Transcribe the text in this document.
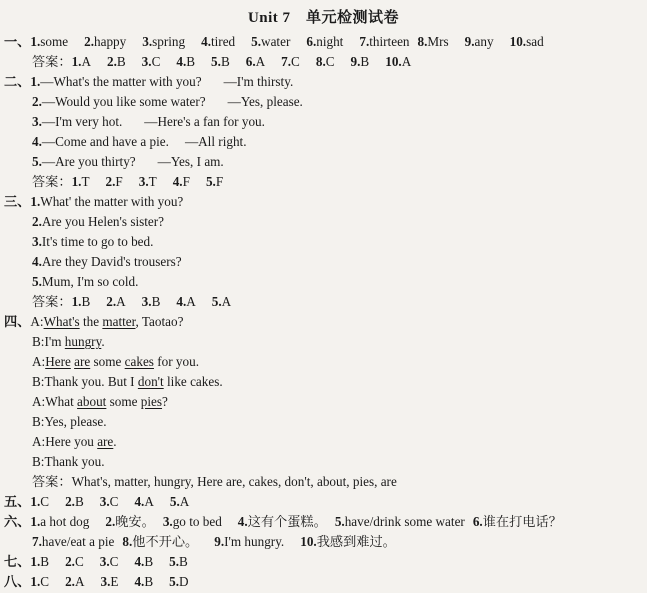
Unit 7　单元检测试卷
一、1.some 2.happy 3.spring 4.tired 5.water 6.night 7.thirteen 8.Mrs 9.any 10.sad
答案：1.A 2.B 3.C 4.B 5.B 6.A 7.C 8.C 9.B 10.A
二、1.—What's the matter with you? —I'm thirsty.
2.—Would you like some water? —Yes, please.
3.—I'm very hot. —Here's a fan for you.
4.—Come and have a pie. —All right.
5.—Are you thirty? —Yes, I am.
答案：1.T 2.F 3.T 4.F 5.F
三、1.What' the matter with you?
2.Are you Helen's sister?
3.It's time to go to bed.
4.Are they David's trousers?
5.Mum, I'm so cold.
答案：1.B 2.A 3.B 4.A 5.A
四、A:What's the matter, Taotao?
B:I'm hungry.
A:Here are some cakes for you.
B:Thank you. But I don't like cakes.
A:What about some pies?
B:Yes, please.
A:Here you are.
B:Thank you.
答案：What's, matter, hungry, Here are, cakes, don't, about, pies, are
五、1.C 2.B 3.C 4.A 5.A
六、1.a hot dog 2.晚安。 3.go to bed 4.这有个蛋糕。 5.have/drink some water 6.谁在打电话？
7.have/eat a pie 8.他不开心。 9.I'm hungry. 10.我感到难过。
七、1.B 2.C 3.C 4.B 5.B
八、1.C 2.A 3.E 4.B 5.D
